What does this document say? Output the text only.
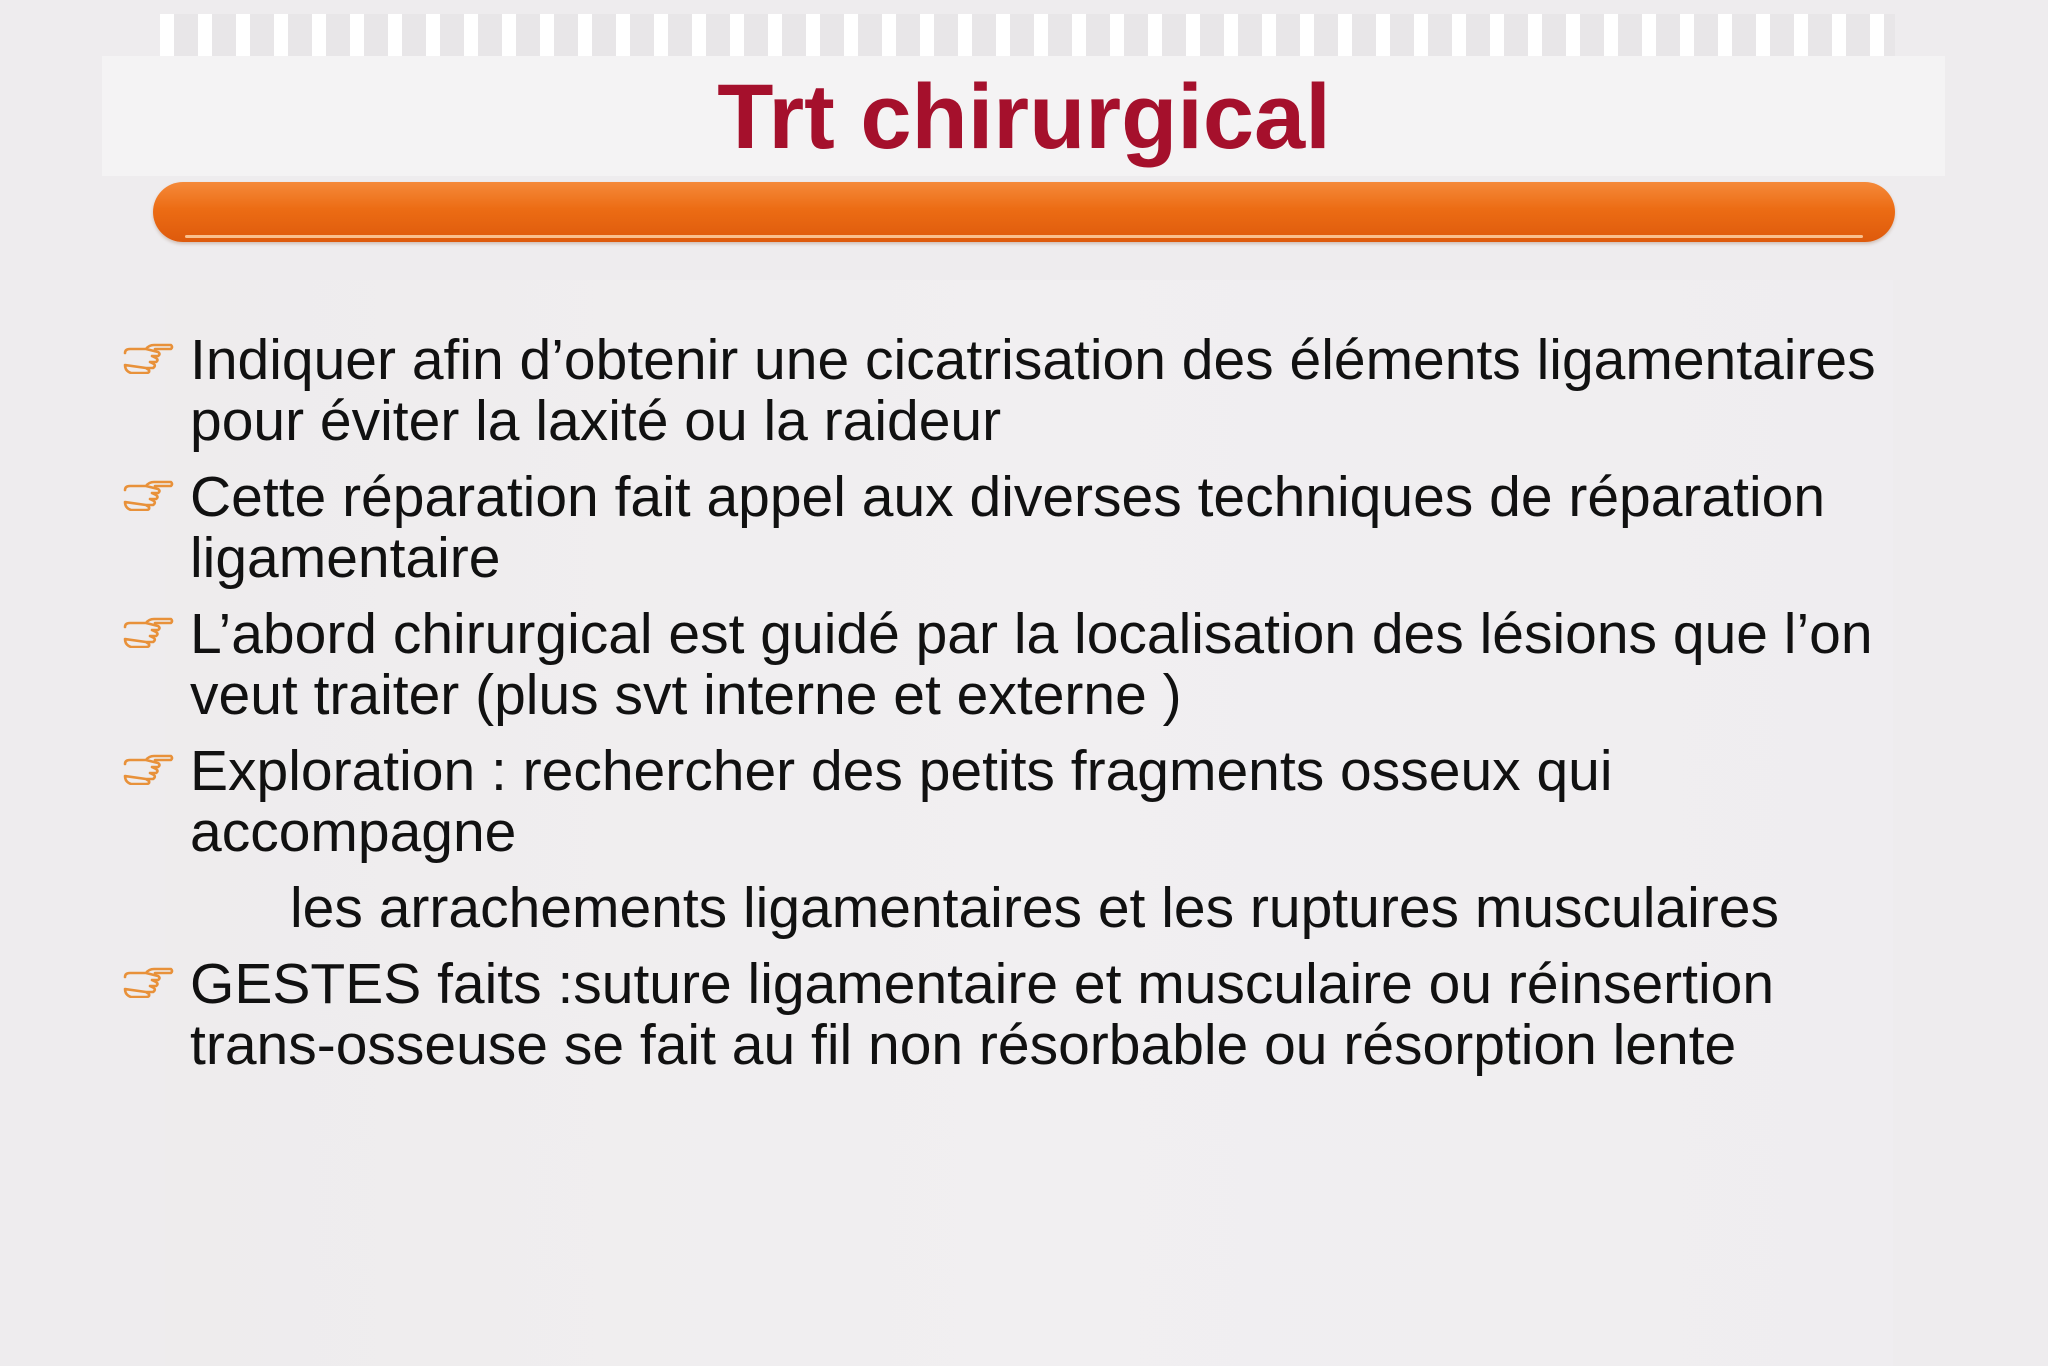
Trt chirurgical
Indiquer afin d’obtenir une cicatrisation des éléments ligamentaires pour éviter la laxité ou la raideur
Cette réparation fait appel aux diverses techniques de réparation ligamentaire
L’abord chirurgical est guidé par la localisation des lésions que l’on veut traiter (plus svt interne et externe )
Exploration : rechercher des petits fragments osseux qui accompagne
les arrachements ligamentaires et les ruptures musculaires
GESTES faits :suture ligamentaire et musculaire ou réinsertion trans-osseuse se fait au fil non résorbable ou résorption lente
